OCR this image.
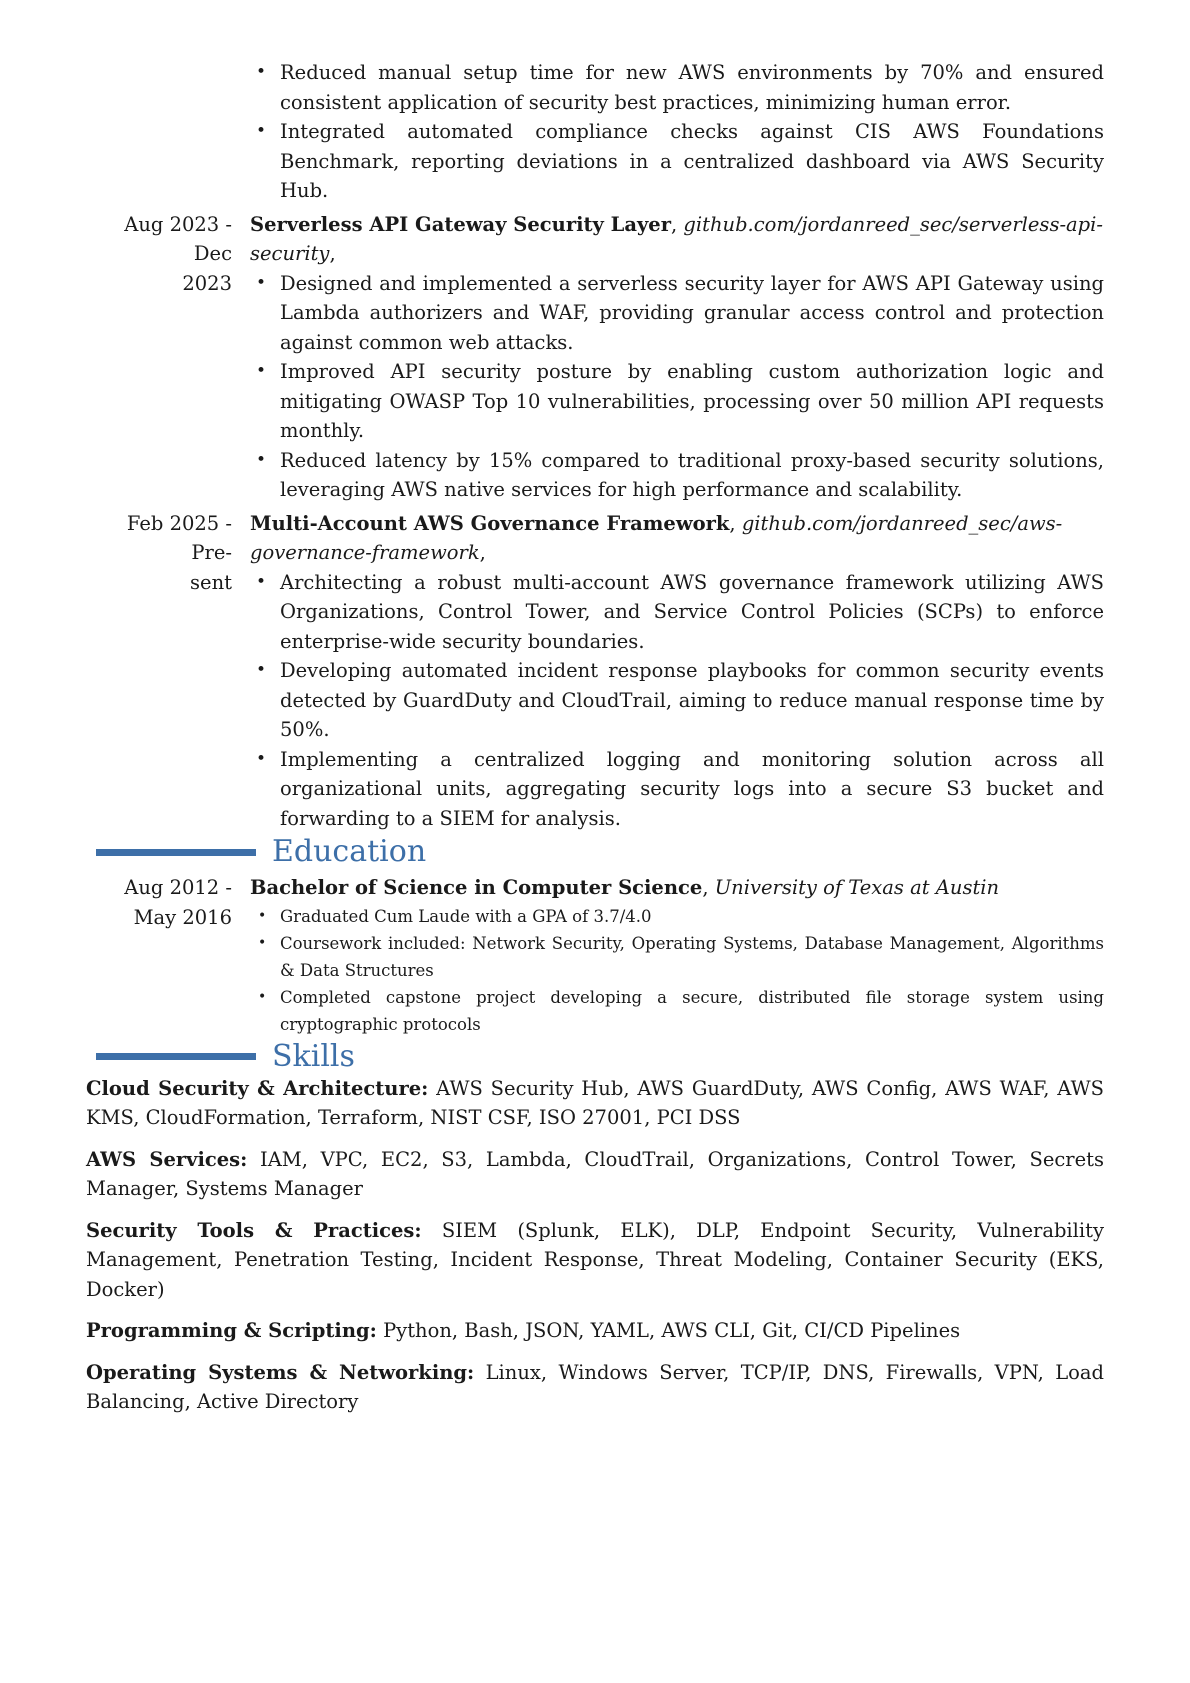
• Reduced manual setup time for new AWS environments by 70% and ensured consistent application of security best practices, minimizing human error.
• Integrated automated compliance checks against CIS AWS Foundations Benchmark, reporting deviations in a centralized dashboard via AWS Security Hub.
Aug 2023 - Dec
2023
Serverless API Gateway Security Layer, github.com/jordanreed_sec/serverless-api-security,
• Designed and implemented a serverless security layer for AWS API Gateway using Lambda authorizers and WAF, providing granular access control and protection against common web attacks.
• Improved API security posture by enabling custom authorization logic and mitigating OWASP Top 10 vulnerabilities, processing over 50 million API requests monthly.
• Reduced latency by 15% compared to traditional proxy-based security solutions, leveraging AWS native services for high performance and scalability.
Feb 2025 - Pre-
sent
Multi-Account AWS Governance Framework, github.com/jordanreed_sec/aws-governance-framework,
• Architecting a robust multi-account AWS governance framework utilizing AWS Organizations, Control Tower, and Service Control Policies (SCPs) to enforce enterprise-wide security boundaries.
• Developing automated incident response playbooks for common security events detected by GuardDuty and CloudTrail, aiming to reduce manual response time by 50%.
• Implementing a centralized logging and monitoring solution across all organizational units, aggregating security logs into a secure S3 bucket and forwarding to a SIEM for analysis.
Education
Aug 2012 -
May 2016
Bachelor of Science in Computer Science, University of Texas at Austin
• Graduated Cum Laude with a GPA of 3.7/4.0
• Coursework included: Network Security, Operating Systems, Database Management, Algorithms & Data Structures
• Completed capstone project developing a secure, distributed file storage system using cryptographic protocols
Skills
Cloud Security & Architecture: AWS Security Hub, AWS GuardDuty, AWS Config, AWS WAF, AWS KMS, CloudFormation, Terraform, NIST CSF, ISO 27001, PCI DSS
AWS Services: IAM, VPC, EC2, S3, Lambda, CloudTrail, Organizations, Control Tower, Secrets Manager, Systems Manager
Security Tools & Practices: SIEM (Splunk, ELK), DLP, Endpoint Security, Vulnerability Management, Penetration Testing, Incident Response, Threat Modeling, Container Security (EKS, Docker)
Programming & Scripting: Python, Bash, JSON, YAML, AWS CLI, Git, CI/CD Pipelines
Operating Systems & Networking: Linux, Windows Server, TCP/IP, DNS, Firewalls, VPN, Load Balancing, Active Directory
